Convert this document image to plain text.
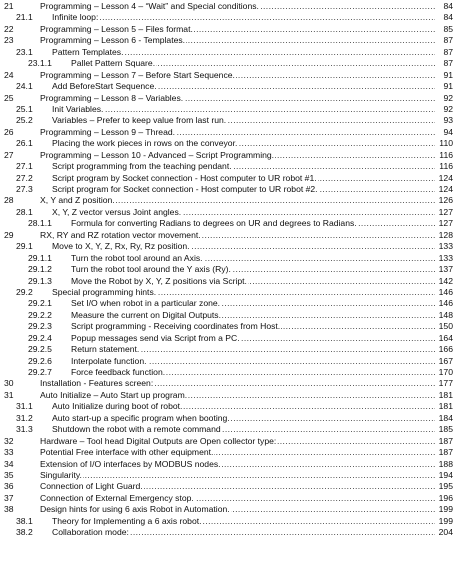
21	Programming – Lesson 4 – “Wait” and Special conditions. .....	84
21.1 Infinite loop: .....	84
22	Programming – Lesson 5 – Files format. .....	85
23	Programming – Lesson 6 - Templates. .....	87
23.1 Pattern Templates. .....	87
23.1.1 Pallet Pattern Square. .....	87
24	Programming – Lesson 7 – Before Start Sequence. .....	91
24.1 Add BeforeStart Sequence. .....	91
25	Programming – Lesson 8 – Variables. .....	92
25.1 Init Variables. .....	92
25.2 Variables – Prefer to keep value from last run. .....	93
26	Programming – Lesson 9 – Thread. .....	94
26.1 Placing the work pieces in rows on the conveyor. .....	110
27	Programming – Lesson 10 - Advanced – Script Programming. .....	116
27.1 Script programming from the teaching pendant. .....	116
27.2 Script program by Socket connection - Host computer to UR robot #1. .....	124
27.3 Script program for Socket connection - Host computer to UR robot #2. .....	124
28	X, Y and Z position. .....	126
28.1 X, Y, Z vector versus Joint angles. .....	127
28.1.1 Formula for converting Radians to degrees on UR and degrees to Radians. .....	127
29	RX, RY and RZ rotation vector movement. .....	128
29.1 Move to X, Y, Z, Rx, Ry, Rz position. .....	133
29.1.1 Turn the robot tool around an Axis. .....	133
29.1.2 Turn the robot tool around the Y axis (Ry). .....	137
29.1.3 Move the Robot by X, Y, Z positions via Script. .....	142
29.2 Special programming hints. .....	146
29.2.1 Set I/O when robot in a particular zone. .....	146
29.2.2 Measure the current on Digital Outputs. .....	148
29.2.3 Script programming - Receiving coordinates from Host. .....	150
29.2.4 Popup messages send via Script from a PC. .....	164
29.2.5 Return statement. .....	166
29.2.6 Interpolate function. .....	167
29.2.7 Force feedback function. .....	170
30	Installation - Features screen: .....	177
31	Auto Initialize – Auto Start up program. .....	181
31.1 Auto Initialize during boot of robot. .....	181
31.2 Auto start-up a specific program when booting. .....	184
31.3 Shutdown the robot with a remote command .....	185
32	Hardware – Tool head Digital Outputs are Open collector type: .....	187
33	Potential Free interface with other equipment. .....	187
34	Extension of I/O interfaces by MODBUS nodes. .....	188
35	Singularity. .....	194
36	Connection of Light Guard. .....	195
37	Connection of External Emergency stop. .....	196
38	Design hints for using 6 axis Robot in Automation. .....	199
38.1 Theory for Implementing a 6 axis robot. .....	199
38.2 Collaboration mode: .....	204
